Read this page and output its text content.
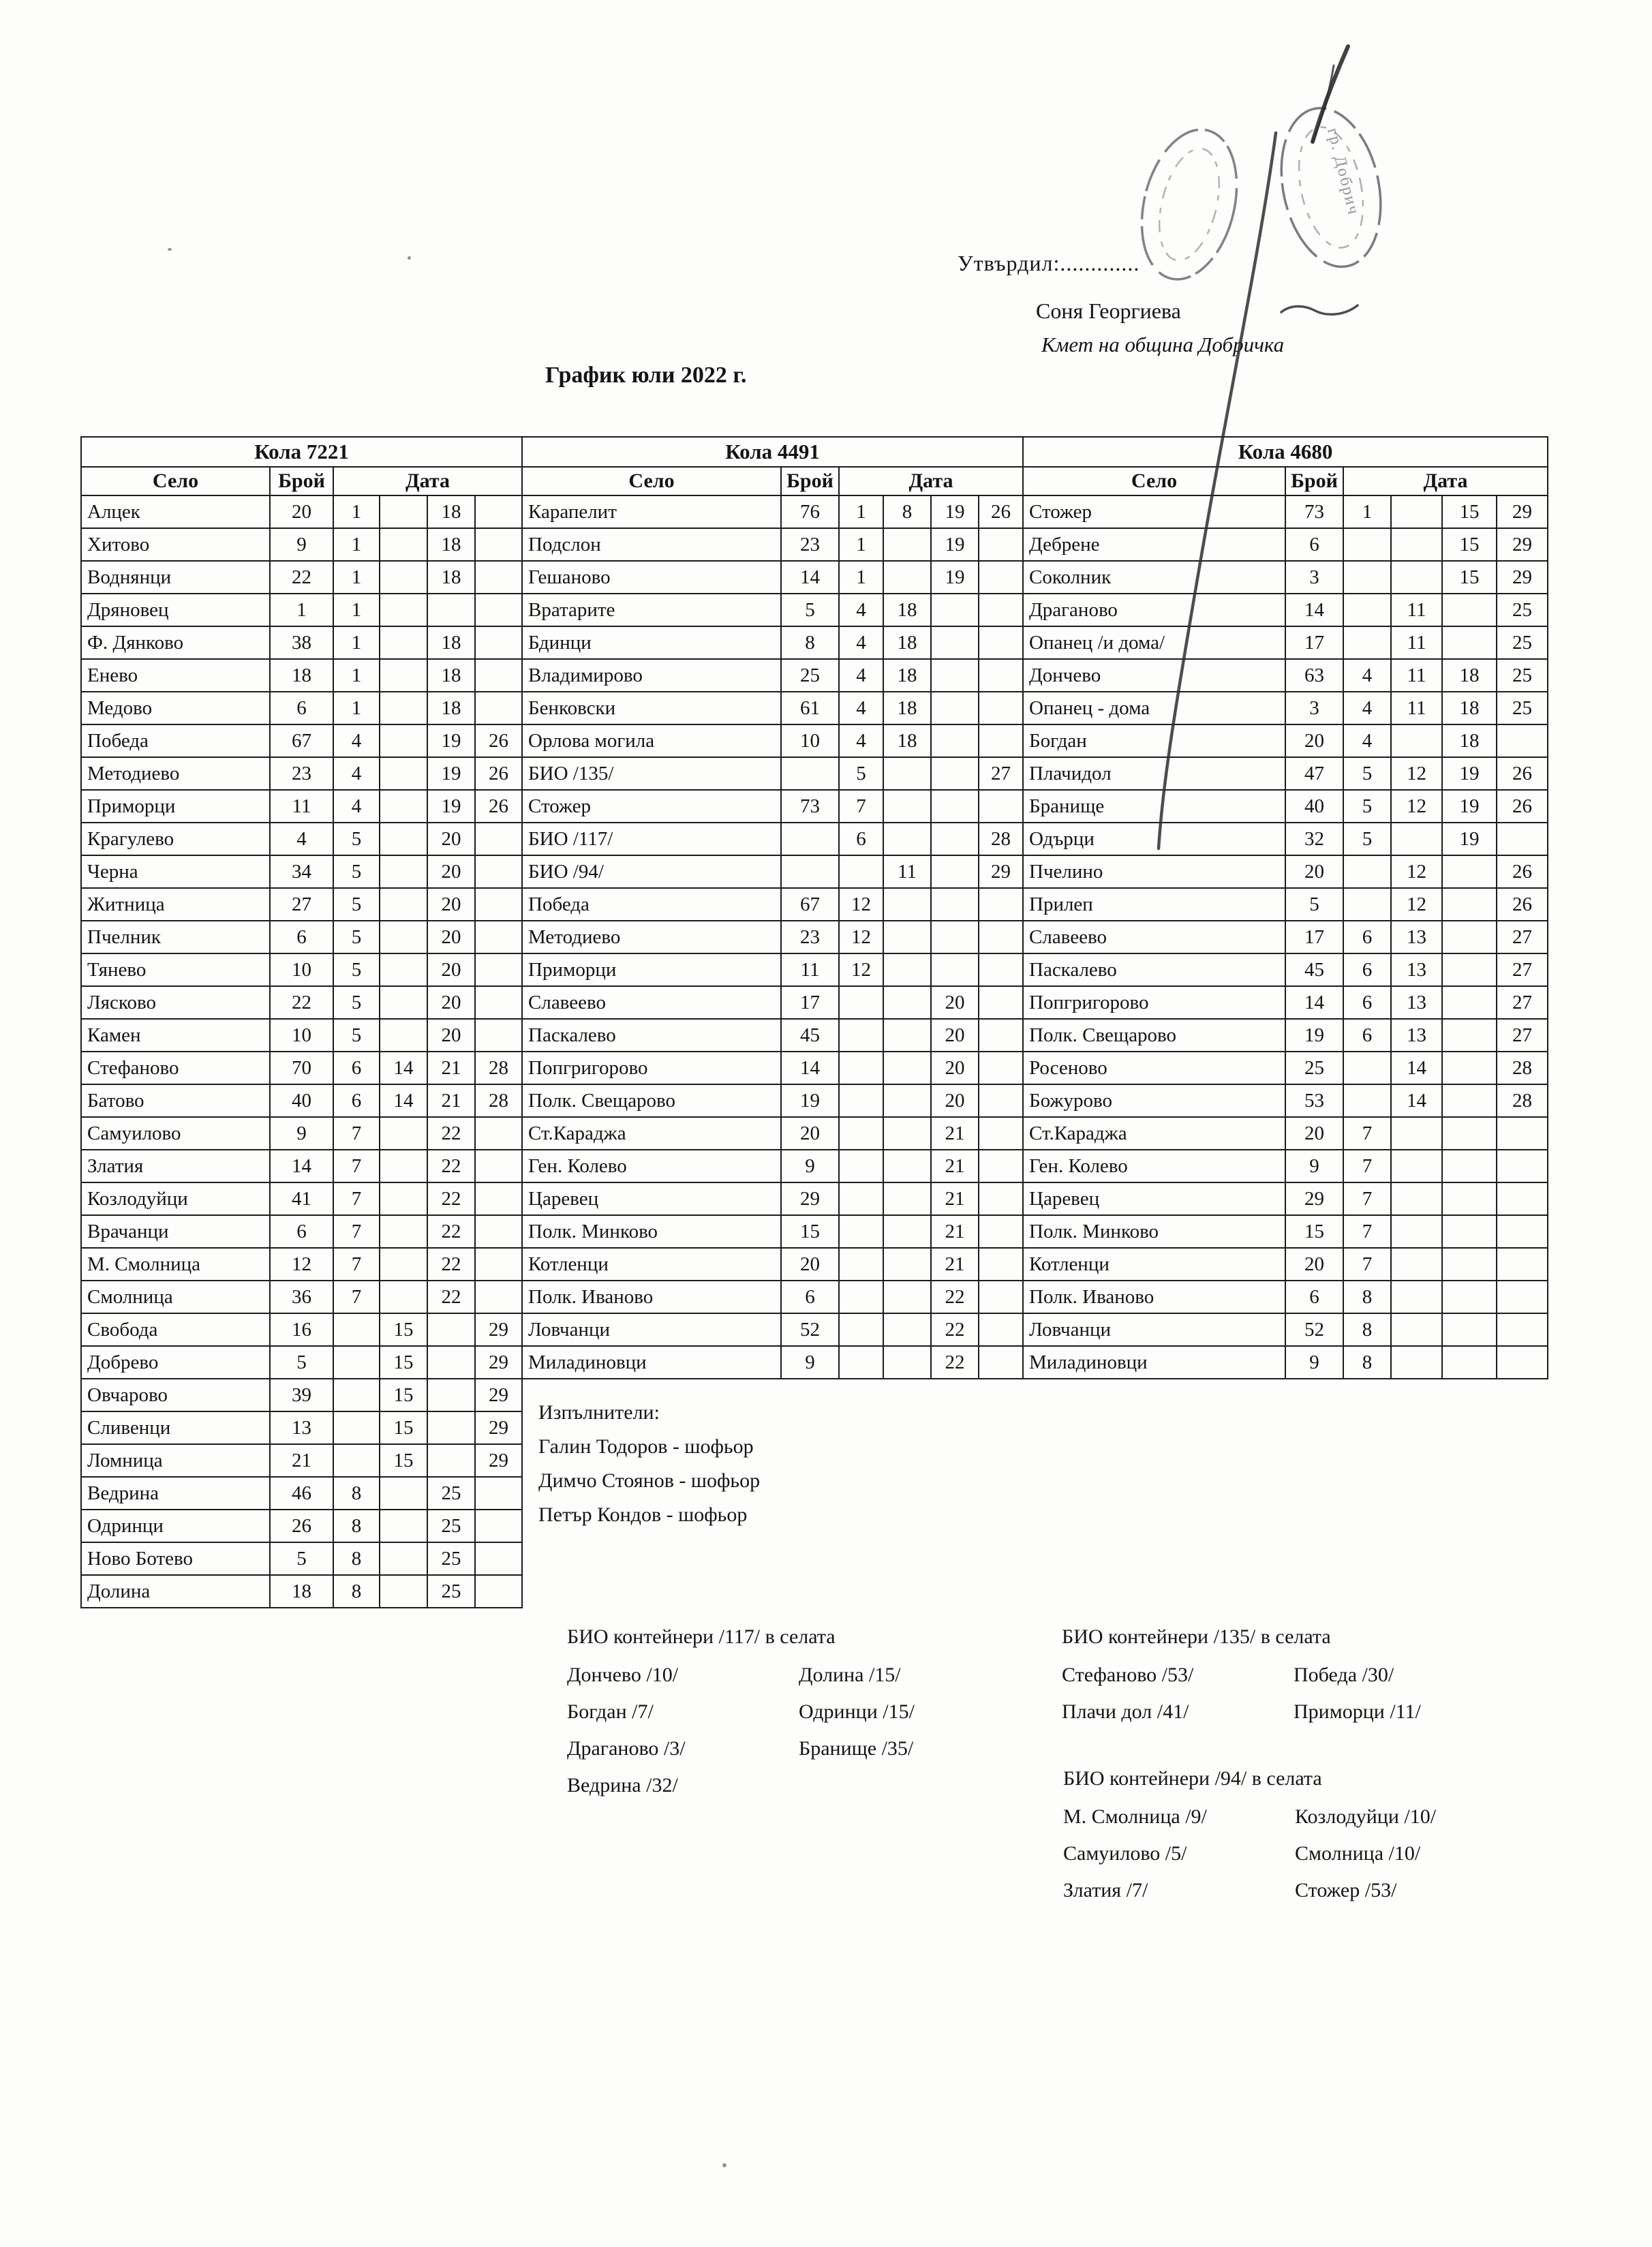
Утвърдил:.............
Соня Георгиева
Кмет на община Добричка
График юли 2022 г.
Кола 7221					
Село	Брой	Дата			
Алцек	20	1		18	
Хитово	9	1		18	
Воднянци	22	1		18	
Дряновец	1	1			
Ф. Дянково	38	1		18	
Енево	18	1		18	
Медово	6	1		18	
Победа	67	4		19	26
Методиево	23	4		19	26
Приморци	11	4		19	26
Крагулево	4	5		20	
Черна	34	5		20	
Житница	27	5		20	
Пчелник	6	5		20	
Тянево	10	5		20	
Лясково	22	5		20	
Камен	10	5		20	
Стефаново	70	6	14	21	28
Батово	40	6	14	21	28
Самуилово	9	7		22	
Златия	14	7		22	
Козлодуйци	41	7		22	
Врачанци	6	7		22	
М. Смолница	12	7		22	
Смолница	36	7		22	
Свобода	16		15		29
Добрево	5		15		29
Овчарово	39		15		29
Сливенци	13		15		29
Ломница	21		15		29
Ведрина	46	8		25	
Одринци	26	8		25	
Ново Ботево	5	8		25	
Долина	18	8		25	
Кола 4491					
Село	Брой	Дата			
Карапелит	76	1	8	19	26
Подслон	23	1		19	
Гешаново	14	1		19	
Вратарите	5	4	18		
Бдинци	8	4	18		
Владимирово	25	4	18		
Бенковски	61	4	18		
Орлова могила	10	4	18		
БИО /135/		5			27
Стожер	73	7			
БИО /117/		6			28
БИО /94/			11		29
Победа	67	12			
Методиево	23	12			
Приморци	11	12			
Славеево	17			20	
Паскалево	45			20	
Попгригорово	14			20	
Полк. Свещарово	19			20	
Ст.Караджа	20			21	
Ген. Колево	9			21	
Царевец	29			21	
Полк. Минково	15			21	
Котленци	20			21	
Полк. Иваново	6			22	
Ловчанци	52			22	
Миладиновци	9			22	
Кола 4680					
Село	Брой	Дата			
Стожер	73	1		15	29
Дебрене	6			15	29
Соколник	3			15	29
Драганово	14		11		25
Опанец /и дома/	17		11		25
Дончево	63	4	11	18	25
Опанец - дома	3	4	11	18	25
Богдан	20	4		18	
Плачидол	47	5	12	19	26
Бранище	40	5	12	19	26
Одърци	32	5		19	
Пчелино	20		12		26
Прилеп	5		12		26
Славеево	17	6	13		27
Паскалево	45	6	13		27
Попгригорово	14	6	13		27
Полк. Свещарово	19	6	13		27
Росеново	25		14		28
Божурово	53		14		28
Ст.Караджа	20	7			
Ген. Колево	9	7			
Царевец	29	7			
Полк. Минково	15	7			
Котленци	20	7			
Полк. Иваново	6	8			
Ловчанци	52	8			
Миладиновци	9	8			
Изпълнители:
Галин Тодоров - шофьор
Димчо Стоянов - шофьор
Петър Кондов - шофьор
БИО контейнери /117/ в селата
Дончево /10/	Долина /15/
Богдан /7/	Одринци /15/
Драганово /3/	Бранище /35/
Ведрина /32/
БИО контейнери /135/ в селата
Стефаново /53/	Победа /30/
Плачи дол /41/	Приморци /11/
БИО контейнери /94/ в селата
М. Смолница /9/	Козлодуйци /10/
Самуилово /5/	Смолница /10/
Златия /7/	Стожер /53/
гр. Добрич
